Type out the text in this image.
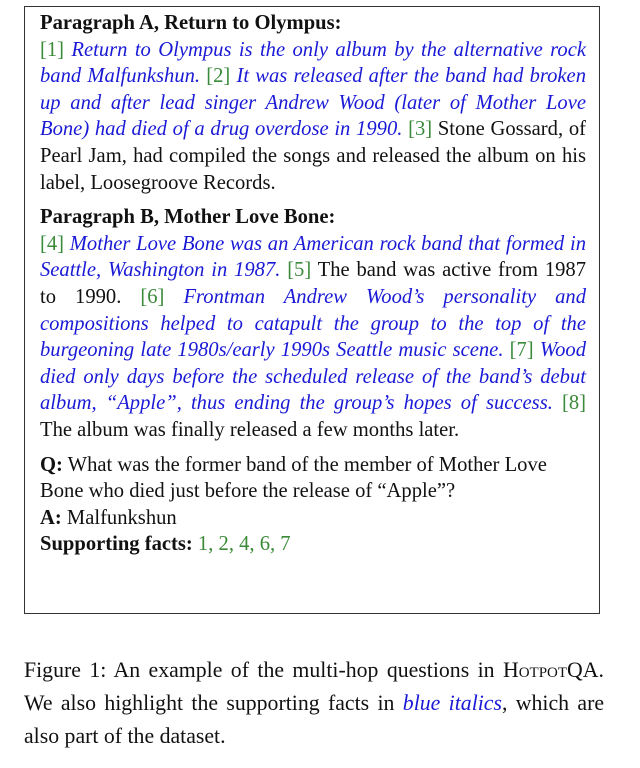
Paragraph A, Return to Olympus:
[1] Return to Olympus is the only album by the alternative rock band Malfunkshun. [2] It was released after the band had broken up and after lead singer Andrew Wood (later of Mother Love Bone) had died of a drug overdose in 1990. [3] Stone Gossard, of Pearl Jam, had compiled the songs and released the album on his label, Loosegroove Records.

Paragraph B, Mother Love Bone:
[4] Mother Love Bone was an American rock band that formed in Seattle, Washington in 1987. [5] The band was active from 1987 to 1990. [6] Frontman Andrew Wood’s personality and compositions helped to catapult the group to the top of the burgeoning late 1980s/early 1990s Seattle music scene. [7] Wood died only days before the scheduled release of the band’s debut album, “Apple”, thus ending the group’s hopes of success. [8] The album was finally released a few months later.

Q: What was the former band of the member of Mother Love Bone who died just before the release of “Apple”?
A: Malfunkshun
Supporting facts: 1, 2, 4, 6, 7

Figure 1: An example of the multi-hop questions in HotpotQA. We also highlight the supporting facts in blue italics, which are also part of the dataset.
